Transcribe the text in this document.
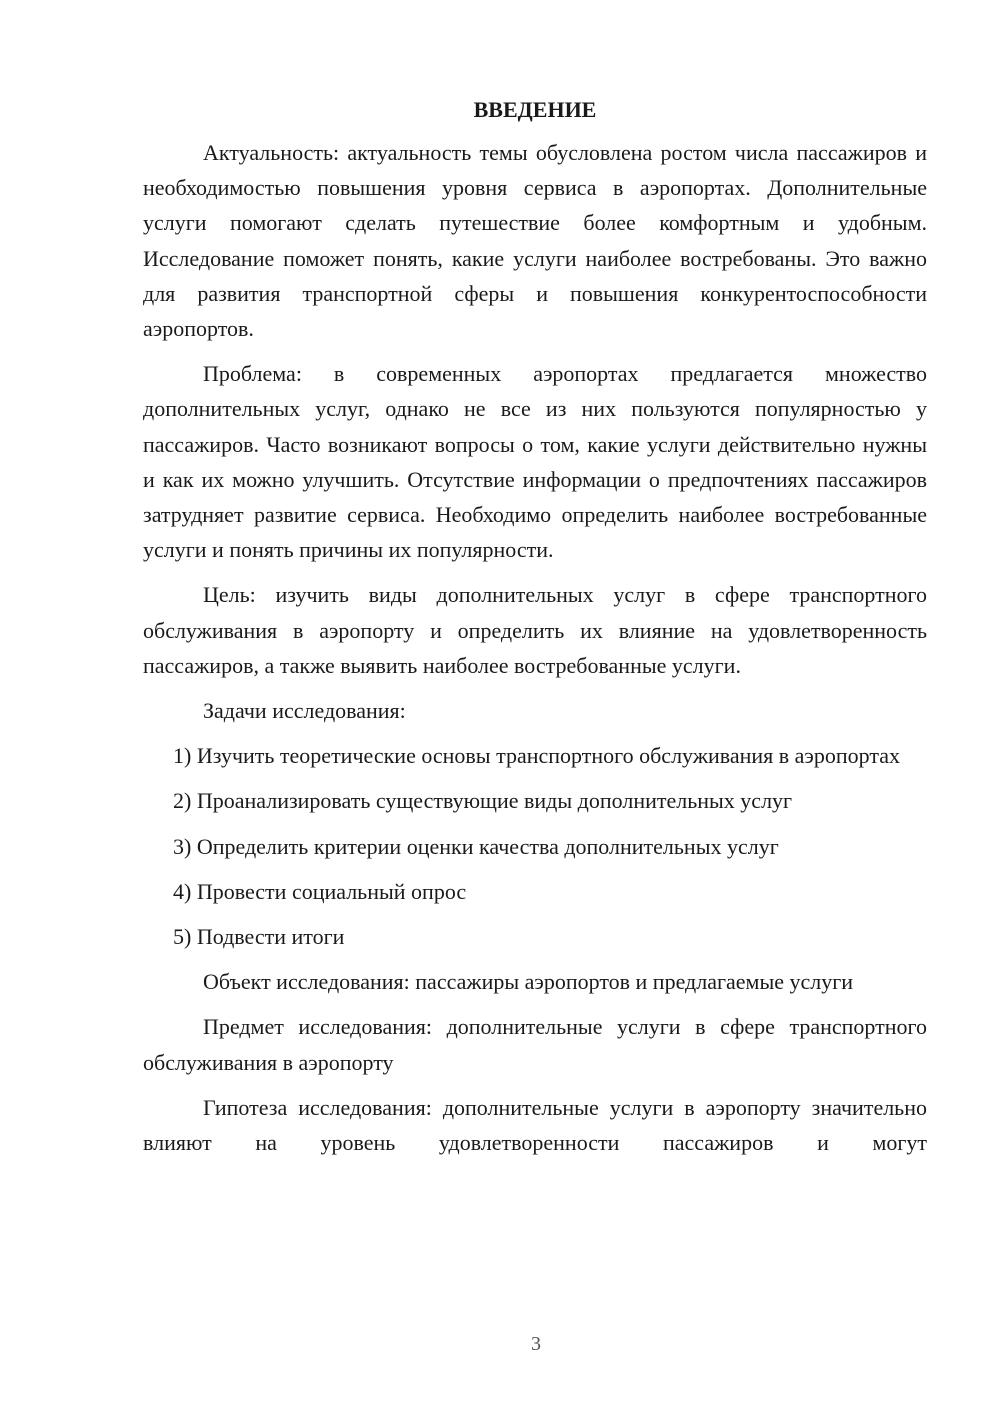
ВВЕДЕНИЕ

Актуальность: актуальность темы обусловлена ростом числа пассажиров и необходимостью повышения уровня сервиса в аэропортах. Дополнительные услуги помогают сделать путешествие более комфортным и удобным. Исследование поможет понять, какие услуги наиболее востребованы. Это важно для развития транспортной сферы и повышения конкурентоспособности аэропортов.

Проблема: в современных аэропортах предлагается множество дополнительных услуг, однако не все из них пользуются популярностью у пассажиров. Часто возникают вопросы о том, какие услуги действительно нужны и как их можно улучшить. Отсутствие информации о предпочтениях пассажиров затрудняет развитие сервиса. Необходимо определить наиболее востребованные услуги и понять причины их популярности.

Цель: изучить виды дополнительных услуг в сфере транспортного обслуживания в аэропорту и определить их влияние на удовлетворенность пассажиров, а также выявить наиболее востребованные услуги.

Задачи исследования:

1) Изучить теоретические основы транспортного обслуживания в аэропортах
2) Проанализировать существующие виды дополнительных услуг
3) Определить критерии оценки качества дополнительных услуг
4) Провести социальный опрос
5) Подвести итоги

Объект исследования: пассажиры аэропортов и предлагаемые услуги

Предмет исследования: дополнительные услуги в сфере транспортного обслуживания в аэропорту

Гипотеза исследования: дополнительные услуги в аэропорту значительно влияют на уровень удовлетворенности пассажиров и могут

3
